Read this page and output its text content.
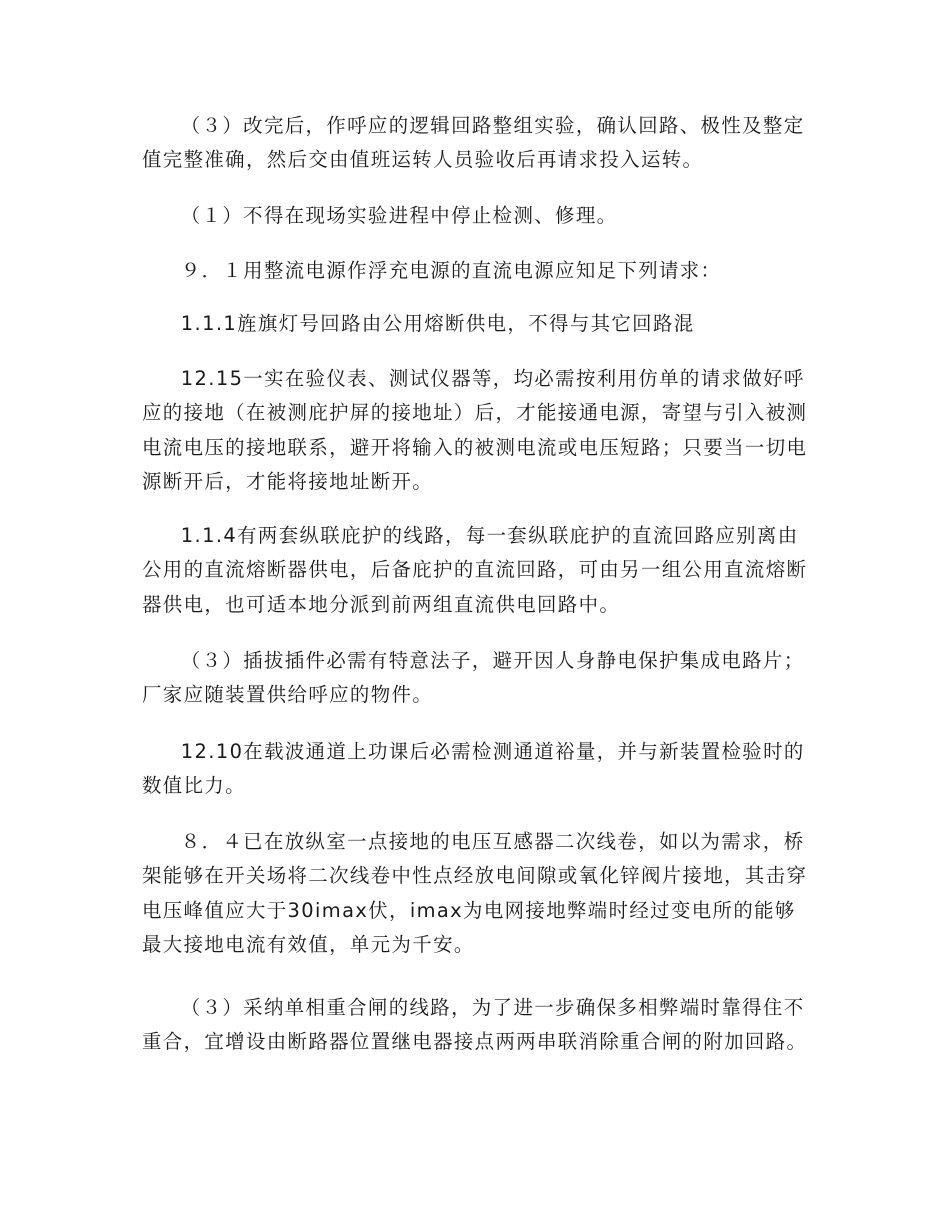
（３）改完后，作呼应的逻辑回路整组实验，确认回路、极性及整定值完整准确，然后交由值班运转人员验收后再请求投入运转。

（１）不得在现场实验进程中停止检测、修理。

９．１用整流电源作浮充电源的直流电源应知足下列请求：

1.1.1旌旗灯号回路由公用熔断供电，不得与其它回路混

12.15一实在验仪表、测试仪器等，均必需按利用仿单的请求做好呼应的接地（在被测庇护屏的接地址）后，才能接通电源，寄望与引入被测电流电压的接地联系，避开将输入的被测电流或电压短路；只要当一切电源断开后，才能将接地址断开。

1.1.4有两套纵联庇护的线路，每一套纵联庇护的直流回路应别离由公用的直流熔断器供电，后备庇护的直流回路，可由另一组公用直流熔断器供电，也可适本地分派到前两组直流供电回路中。

（３）插拔插件必需有特意法子，避开因人身静电保护集成电路片；厂家应随装置供给呼应的物件。

12.10在载波通道上功课后必需检测通道裕量，并与新装置检验时的数值比力。

８．４已在放纵室一点接地的电压互感器二次线卷，如以为需求，桥架能够在开关场将二次线卷中性点经放电间隙或氧化锌阀片接地，其击穿电压峰值应大于30imax伏，imax为电网接地弊端时经过变电所的能够最大接地电流有效值，单元为千安。

（３）采纳单相重合闸的线路，为了进一步确保多相弊端时靠得住不重合，宜增设由断路器位置继电器接点两两串联消除重合闸的附加回路。
